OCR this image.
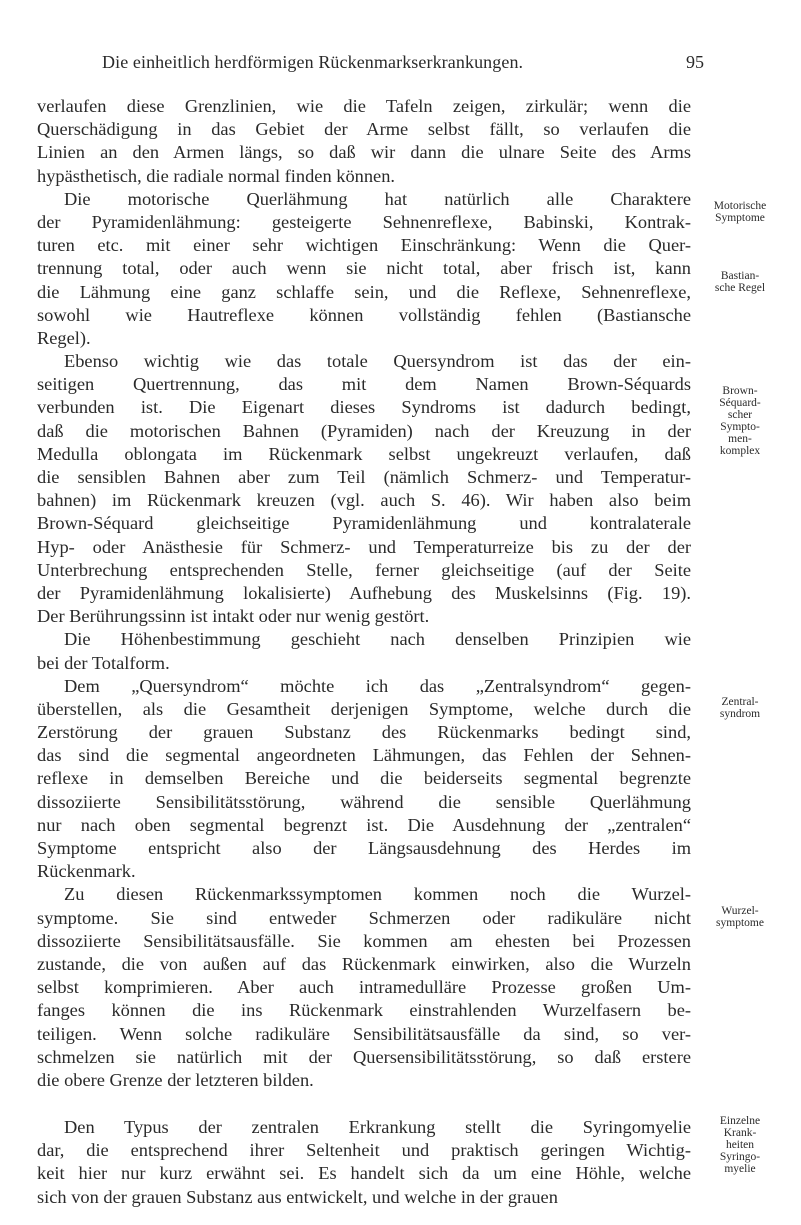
Die einheitlich herdförmigen Rückenmarkserkrankungen.	95
verlaufen diese Grenzlinien, wie die Tafeln zeigen, zirkulär; wenn die
Querschädigung in das Gebiet der Arme selbst fällt, so verlaufen die
Linien an den Armen längs, so daß wir dann die ulnare Seite des Arms
hypästhetisch, die radiale normal finden können.
Die motorische Querlähmung hat natürlich alle Charaktere
der Pyramidenlähmung: gesteigerte Sehnenreflexe, Babinski, Kontrak-
turen etc. mit einer sehr wichtigen Einschränkung: Wenn die Quer-
trennung total, oder auch wenn sie nicht total, aber frisch ist, kann
die Lähmung eine ganz schlaffe sein, und die Reflexe, Sehnenreflexe,
sowohl wie Hautreflexe können vollständig fehlen (Bastiansche
Regel).
Ebenso wichtig wie das totale Quersyndrom ist das der ein-
seitigen Quertrennung, das mit dem Namen Brown-Séquards
verbunden ist. Die Eigenart dieses Syndroms ist dadurch bedingt,
daß die motorischen Bahnen (Pyramiden) nach der Kreuzung in der
Medulla oblongata im Rückenmark selbst ungekreuzt verlaufen, daß
die sensiblen Bahnen aber zum Teil (nämlich Schmerz- und Temperatur-
bahnen) im Rückenmark kreuzen (vgl. auch S. 46). Wir haben also beim
Brown-Séquard gleichseitige Pyramidenlähmung und kontralaterale
Hyp- oder Anästhesie für Schmerz- und Temperaturreize bis zu der der
Unterbrechung entsprechenden Stelle, ferner gleichseitige (auf der Seite
der Pyramidenlähmung lokalisierte) Aufhebung des Muskelsinns (Fig. 19).
Der Berührungssinn ist intakt oder nur wenig gestört.
Die Höhenbestimmung geschieht nach denselben Prinzipien wie
bei der Totalform.
Dem „Quersyndrom“ möchte ich das „Zentralsyndrom“ gegen-
überstellen, als die Gesamtheit derjenigen Symptome, welche durch die
Zerstörung der grauen Substanz des Rückenmarks bedingt sind,
das sind die segmental angeordneten Lähmungen, das Fehlen der Sehnen-
reflexe in demselben Bereiche und die beiderseits segmental begrenzte
dissoziierte Sensibilitätsstörung, während die sensible Querlähmung
nur nach oben segmental begrenzt ist. Die Ausdehnung der „zentralen“
Symptome entspricht also der Längsausdehnung des Herdes im
Rückenmark.
Zu diesen Rückenmarkssymptomen kommen noch die Wurzel-
symptome. Sie sind entweder Schmerzen oder radikuläre nicht
dissoziierte Sensibilitätsausfälle. Sie kommen am ehesten bei Prozessen
zustande, die von außen auf das Rückenmark einwirken, also die Wurzeln
selbst komprimieren. Aber auch intramedulläre Prozesse großen Um-
fanges können die ins Rückenmark einstrahlenden Wurzelfasern be-
teiligen. Wenn solche radikuläre Sensibilitätsausfälle da sind, so ver-
schmelzen sie natürlich mit der Quersensibilitätsstörung, so daß erstere
die obere Grenze der letzteren bilden.
Den Typus der zentralen Erkrankung stellt die Syringomyelie
dar, die entsprechend ihrer Seltenheit und praktisch geringen Wichtig-
keit hier nur kurz erwähnt sei. Es handelt sich da um eine Höhle, welche
sich von der grauen Substanz aus entwickelt, und welche in der grauen
Motorische
Symptome
Bastian-
sche Regel
Brown-
Séquard-
scher
Sympto-
men-
komplex
Zentral-
syndrom
Wurzel-
symptome
Einzelne
Krank-
heiten
Syringo-
myelie
